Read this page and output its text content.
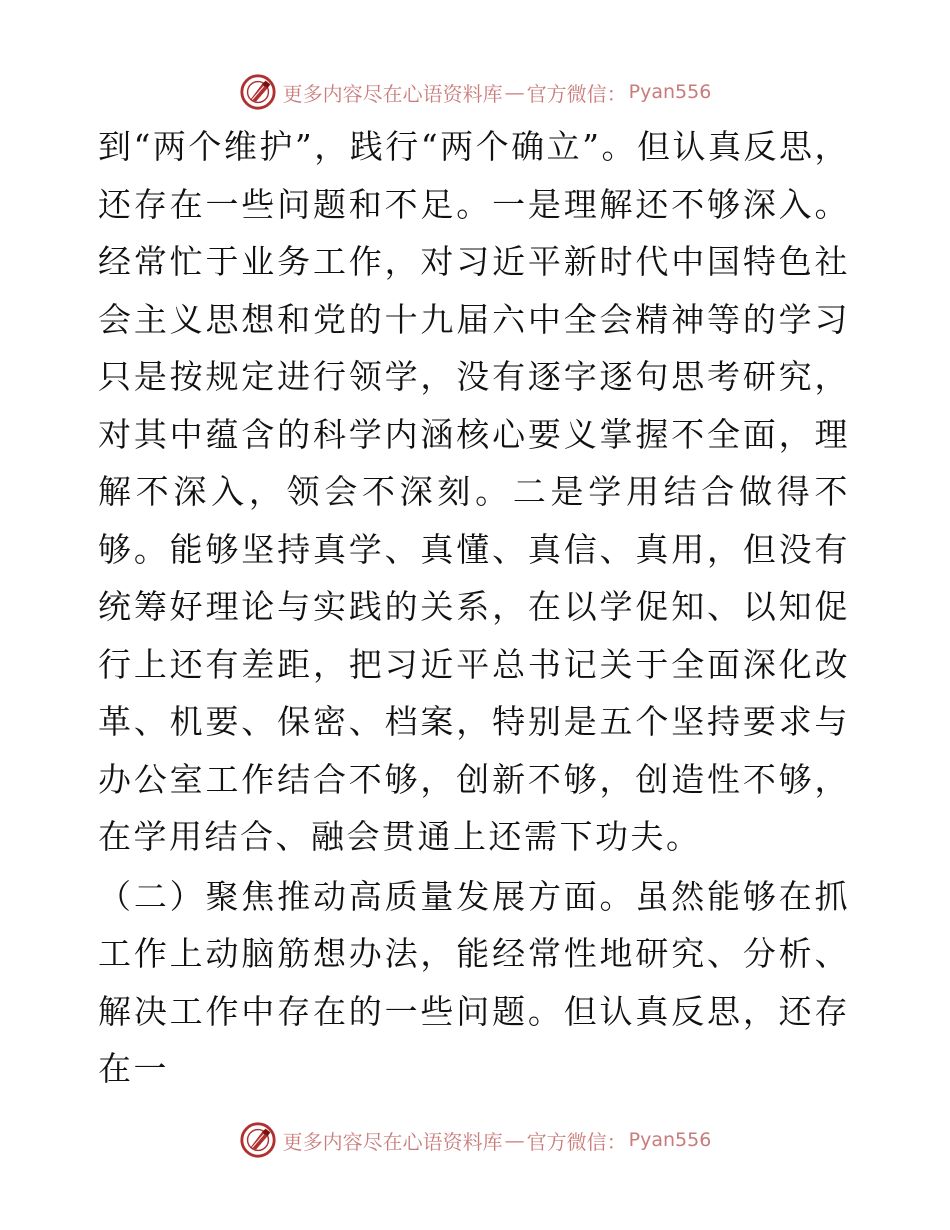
更多内容尽在心语资料库 — 官方微信： Pyan556

到“两个维护”，践行“两个确立”。但认真反思，还存在一些问题和不足。一是理解还不够深入。经常忙于业务工作，对习近平新时代中国特色社会主义思想和党的十九届六中全会精神等的学习只是按规定进行领学，没有逐字逐句思考研究，对其中蕴含的科学内涵核心要义掌握不全面，理解不深入，领会不深刻。二是学用结合做得不够。能够坚持真学、真懂、真信、真用，但没有统筹好理论与实践的关系，在以学促知、以知促行上还有差距，把习近平总书记关于全面深化改革、机要、保密、档案，特别是五个坚持要求与办公室工作结合不够，创新不够，创造性不够，在学用结合、融会贯通上还需下功夫。

（二）聚焦推动高质量发展方面。虽然能够在抓工作上动脑筋想办法，能经常性地研究、分析、解决工作中存在的一些问题。但认真反思，还存在一

更多内容尽在心语资料库 — 官方微信： Pyan556
